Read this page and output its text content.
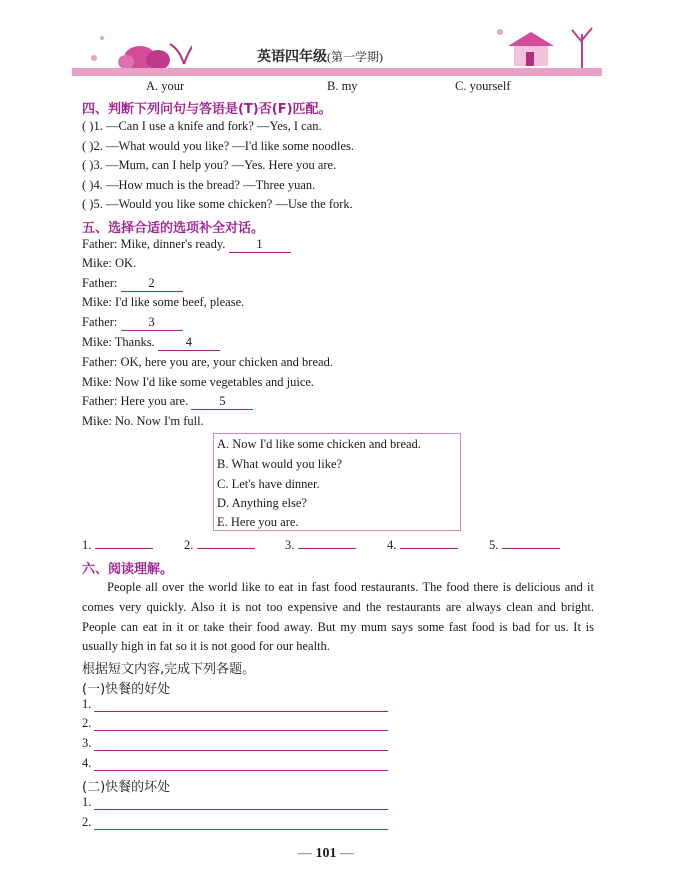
英语四年级(第一学期)
A. your	B. my	C. yourself
四、判断下列问句与答语是(T)否(F)匹配。
( )1. —Can I use a knife and fork? —Yes, I can.
( )2. —What would you like? —I'd like some noodles.
( )3. —Mum, can I help you? —Yes. Here you are.
( )4. —How much is the bread? —Three yuan.
( )5. —Would you like some chicken? —Use the fork.
五、选择合适的选项补全对话。
Father: Mike, dinner's ready. 1
Mike: OK.
Father: 2
Mike: I'd like some beef, please.
Father: 3
Mike: Thanks. 4
Father: OK, here you are, your chicken and bread.
Mike: Now I'd like some vegetables and juice.
Father: Here you are. 5
Mike: No. Now I'm full.
A. Now I'd like some chicken and bread.
B. What would you like?
C. Let's have dinner.
D. Anything else?
E. Here you are.
1.	2.	3.	4.	5.
六、阅读理解。
People all over the world like to eat in fast food restaurants. The food there is delicious and it comes very quickly. Also it is not too expensive and the restaurants are always clean and bright. People can eat in it or take their food away. But my mum says some fast food is bad for us. It is usually high in fat so it is not good for our health.
根据短文内容,完成下列各题。
(一)快餐的好处
1.
2.
3.
4.
(二)快餐的坏处
1.
2.
— 101 —
